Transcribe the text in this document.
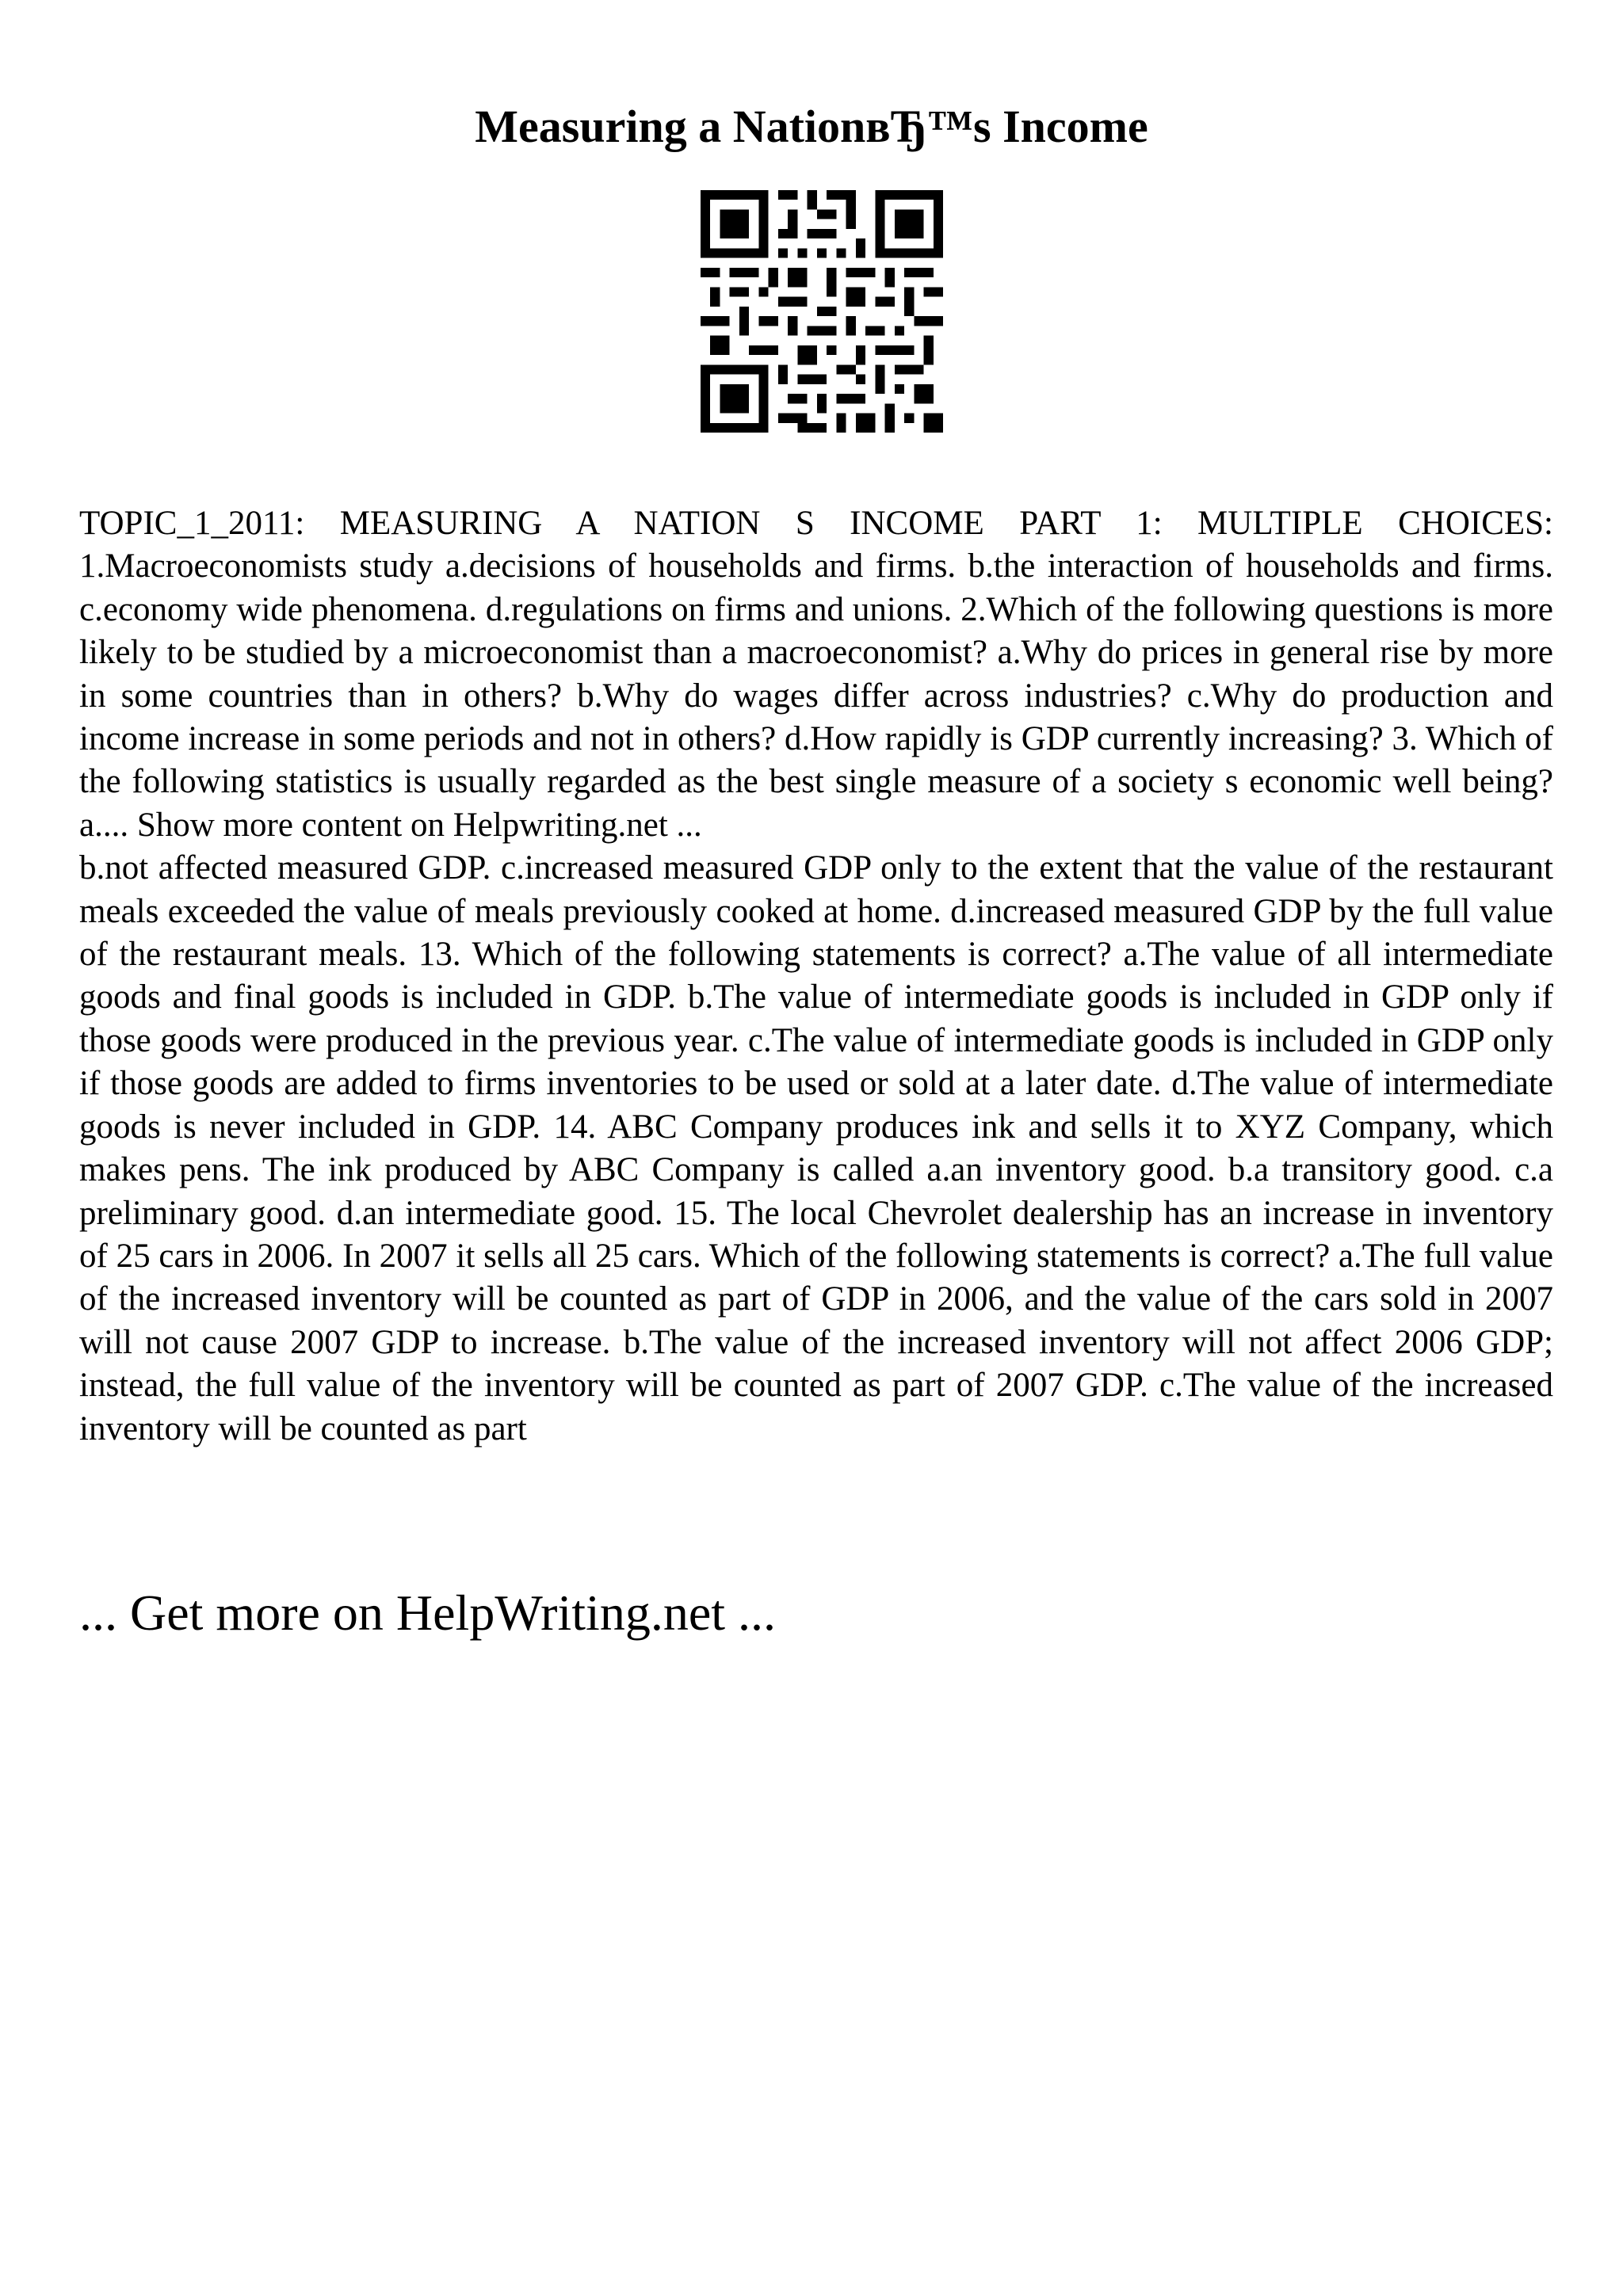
Measuring a NationвЂ™s Income

TOPIC_1_2011: MEASURING A NATION S INCOME PART 1: MULTIPLE CHOICES: 1.Macroeconomists study a.decisions of households and firms. b.the interaction of households and firms. c.economy wide phenomena. d.regulations on firms and unions. 2.Which of the following questions is more likely to be studied by a microeconomist than a macroeconomist? a.Why do prices in general rise by more in some countries than in others? b.Why do wages differ across industries? c.Why do production and income increase in some periods and not in others? d.How rapidly is GDP currently increasing? 3. Which of the following statistics is usually regarded as the best single measure of a society s economic well being? a.... Show more content on Helpwriting.net ...

b.not affected measured GDP. c.increased measured GDP only to the extent that the value of the restaurant meals exceeded the value of meals previously cooked at home. d.increased measured GDP by the full value of the restaurant meals. 13. Which of the following statements is correct? a.The value of all intermediate goods and final goods is included in GDP. b.The value of intermediate goods is included in GDP only if those goods were produced in the previous year. c.The value of intermediate goods is included in GDP only if those goods are added to firms inventories to be used or sold at a later date. d.The value of intermediate goods is never included in GDP. 14. ABC Company produces ink and sells it to XYZ Company, which makes pens. The ink produced by ABC Company is called a.an inventory good. b.a transitory good. c.a preliminary good. d.an intermediate good. 15. The local Chevrolet dealership has an increase in inventory of 25 cars in 2006. In 2007 it sells all 25 cars. Which of the following statements is correct? a.The full value of the increased inventory will be counted as part of GDP in 2006, and the value of the cars sold in 2007 will not cause 2007 GDP to increase. b.The value of the increased inventory will not affect 2006 GDP; instead, the full value of the inventory will be counted as part of 2007 GDP. c.The value of the increased inventory will be counted as part

... Get more on HelpWriting.net ...
